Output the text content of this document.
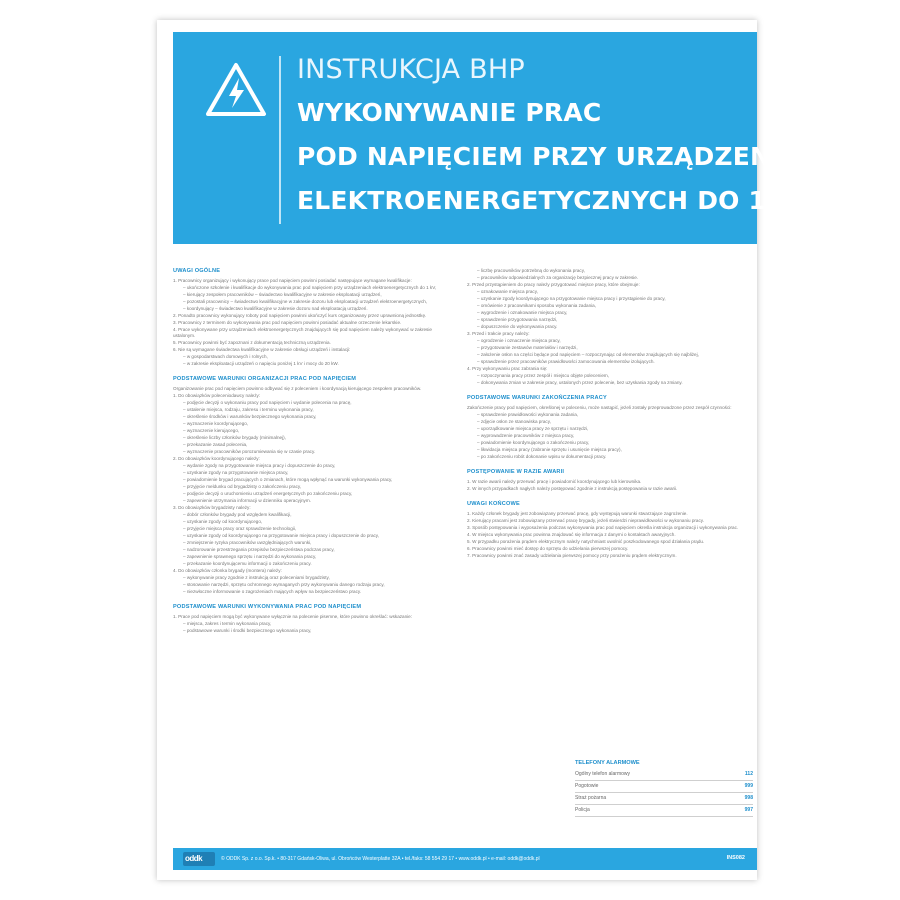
INSTRUKCJA BHP
WYKONYWANIE PRAC
POD NAPIĘCIEM PRZY URZĄDZENIACH
ELEKTROENERGETYCZNYCH DO 1 kV
UWAGI OGÓLNE
1. Pracownicy organizujący i wykonujący prace pod napięciem powinni posiadać następujące wymagane kwalifikacje:
– ukończone szkolenie i kwalifikacje do wykonywania prac pod napięciem przy urządzeniach elektroenergetycznych do 1 kV,
– kierujący zespołem pracowników – świadectwo kwalifikacyjne w zakresie eksploatacji urządzeń,
– pozostali pracownicy – świadectwo kwalifikacyjne w zakresie dozoru lub eksploatacji urządzeń elektroenergetycznych,
– koordynujący – świadectwo kwalifikacyjne w zakresie dozoru nad eksploatacją urządzeń.
2. Ponadto pracownicy wykonujący roboty pod napięciem powinni ukończyć kurs organizowany przez uprawnioną jednostkę.
3. Pracownicy z terminem do wykonywania prac pod napięciem powinni posiadać aktualne orzeczenie lekarskie.
4. Prace wykonywane przy urządzeniach elektroenergetycznych znajdujących się pod napięciem należy wykonywać w zakresie ustalonym.
5. Pracownicy powinni być zapoznani z dokumentacją techniczną urządzenia.
6. Nie są wymagane świadectwa kwalifikacyjne w zakresie obsługi urządzeń i instalacji:
– w gospodarstwach domowych i rolnych,
– w zakresie eksploatacji urządzeń o napięciu poniżej 1 kV i mocy do 20 kW.
PODSTAWOWE WARUNKI ORGANIZACJI PRAC POD NAPIĘCIEM
Organizowanie prac pod napięciem powinno odbywać się z poleceniem i koordynacją kierującego zespołem pracowników.
1. Do obowiązków poleceniodawcy należy:
– podjęcie decyzji o wykonaniu pracy pod napięciem i wydanie polecenia na pracę,
– ustalenie miejsca, rodzaju, zakresu i terminu wykonania pracy,
– określenie środków i warunków bezpiecznego wykonania pracy,
– wyznaczenie koordynującego,
– wyznaczenie kierującego,
– określenie liczby członków brygady (minimalnej),
– przekazanie zasad polecenia,
– wyznaczenie pracowników porozumiewania się w czasie pracy.
2. Do obowiązków koordynującego należy:
– wydanie zgody na przygotowanie miejsca pracy i dopuszczenie do pracy,
– uzyskanie zgody na przygotowanie miejsca pracy,
– powiadomienie brygad pracujących o zmianach, które mogą wpłynąć na warunki wykonywania pracy,
– przyjęcie meldunku od brygadzisty o zakończeniu pracy,
– podjęcie decyzji o uruchomieniu urządzeń energetycznych po zakończeniu pracy,
– zapewnienie utrzymania informacji w dzienniku operacyjnym.
3. Do obowiązków brygadzisty należy:
– dobór członków brygady pod względem kwalifikacji,
– uzyskanie zgody od koordynującego,
– przyjęcie miejsca pracy oraz sprawdzenie technologii,
– uzyskanie zgody od koordynującego na przygotowanie miejsca pracy i dopuszczenie do pracy,
– zmniejszenie ryzyka pracowników uwzględniających warunki,
– nadzorowanie przestrzegania przepisów bezpieczeństwa podczas pracy,
– zapewnienie sprawnego sprzętu i narzędzi do wykonania pracy,
– przekazanie koordynującemu informacji o zakończeniu pracy.
4. Do obowiązków członka brygady (montera) należy:
– wykonywanie pracy zgodnie z instrukcją oraz poleceniami brygadzisty,
– stosowanie narzędzi, sprzętu ochronnego wymaganych przy wykonywaniu danego rodzaju pracy,
– niezwłoczne informowanie o zagrożeniach mających wpływ na bezpieczeństwo pracy.
PODSTAWOWE WARUNKI WYKONYWANIA PRAC POD NAPIĘCIEM
1. Prace pod napięciem mogą być wykonywane wyłącznie na polecenie pisemne, które powinno określać: wskazanie:
– miejsca, zakres i termin wykonania pracy,
– podstawowe warunki i środki bezpiecznego wykonania pracy,
– liczbę pracowników potrzebną do wykonania pracy,
– pracowników odpowiedzialnych za organizację bezpiecznej pracy w zakresie.
2. Przed przystąpieniem do pracy należy przygotować miejsce pracy, które obejmuje:
– oznakowanie miejsca pracy,
– uzyskanie zgody koordynującego na przygotowanie miejsca pracy i przystąpienie do pracy,
– omówienie z pracownikami sposobu wykonania zadania,
– wygrodzenie i oznakowanie miejsca pracy,
– sprawdzenie przygotowania narzędzi,
– dopuszczenie do wykonywania pracy.
3. Przed i trakcie pracy należy:
– ogrodzenie i oznaczenie miejsca pracy,
– przygotowanie zestawów materiałów i narzędzi,
– założenie osłon na części będące pod napięciem – rozpoczynając od elementów znajdujących się najbliżej,
– sprawdzenie przez pracowników prawidłowości zamocowania elementów izolujących.
4. Przy wykonywaniu prac zabrania się:
– rozpoczynania pracy przez zespół i miejscu objęte poleceniem,
– dokonywania zmian w zakresie pracy, ustalonych przez polecenie, bez uzyskania zgody na zmiany.
PODSTAWOWE WARUNKI ZAKOŃCZENIA PRACY
Zakończenie pracy pod napięciem, określonej w poleceniu, może nastąpić, jeżeli zostały przeprowadzone przez zespół czynności:
– sprawdzenie prawidłowości wykonania zadania,
– zdjęcie osłon ze stanowiska pracy,
– uporządkowanie miejsca pracy ze sprzętu i narzędzi,
– wyprowadzenie pracowników z miejsca pracy,
– powiadomienie koordynującego o zakończeniu pracy,
– likwidacja miejsca pracy (zabranie sprzętu i usunięcie miejsca pracy),
– po zakończeniu robót dokonanie wpisu w dokumentacji pracy.
POSTĘPOWANIE W RAZIE AWARII
1. W razie awarii należy przerwać pracę i powiadomić koordynującego lub kierownika.
2. W innych przypadkach nagłych należy postępować zgodnie z instrukcją postępowania w razie awarii.
UWAGI KOŃCOWE
1. Każdy członek brygady jest zobowiązany przerwać pracę, gdy występują warunki stwarzające zagrożenie.
2. Kierujący pracami jest zobowiązany przerwać pracę brygady, jeżeli stwierdzi nieprawidłowości w wykonaniu pracy.
3. Sposób postępowania i wyposażenia podczas wykonywania prac pod napięciem określa instrukcja organizacji i wykonywania prac.
4. W miejscu wykonywania prac powinna znajdować się informacja z danymi o kontaktach awaryjnych.
5. W przypadku porażenia prądem elektrycznym należy natychmiast uwolnić poszkodowanego spod działania prądu.
6. Pracownicy powinni mieć dostęp do sprzętu do udzielania pierwszej pomocy.
7. Pracownicy powinni znać zasady udzielania pierwszej pomocy przy porażeniu prądem elektrycznym.
TELEFONY ALARMOWE
Ogólny telefon alarmowy	112
Pogotowie	999
Straż pożarna	998
Policja	997
oddk	© ODDK Sp. z o.o. Sp.k. • 80-317 Gdańsk-Oliwa, ul. Obrońców Westerplatte 32A • tel./faks: 58 554 29 17 • www.oddk.pl • e-mail: oddk@oddk.pl	INS082
